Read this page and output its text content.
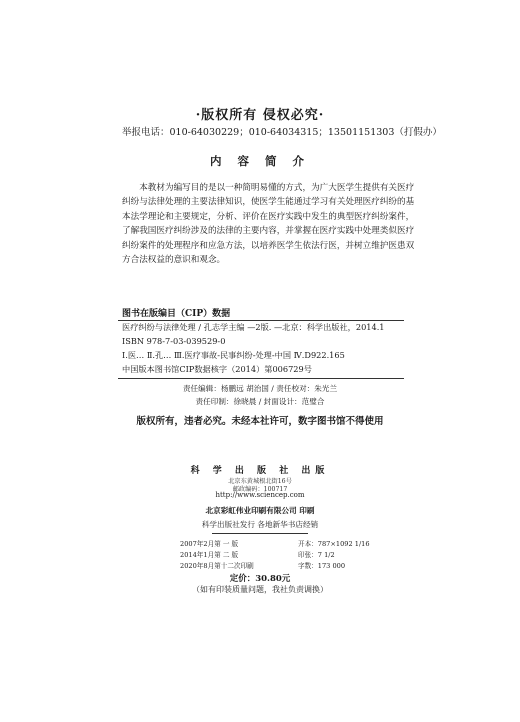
·版权所有 侵权必究·
举报电话：010-64030229；010-64034315；13501151303（打假办）
内 容 简 介
本教材为编写目的是以一种简明易懂的方式，为广大医学生提供有关医疗纠纷与法律处理的主要法律知识，使医学生能通过学习有关处理医疗纠纷的基本法学理论和主要规定，分析、评价在医疗实践中发生的典型医疗纠纷案件，了解我国医疗纠纷涉及的法律的主要内容，并掌握在医疗实践中处理类似医疗纠纷案件的处理程序和应急方法，以培养医学生依法行医，并树立维护医患双方合法权益的意识和观念。
图书在版编目（CIP）数据
医疗纠纷与法律处理 / 孔志学主编 —2版. —北京：科学出版社，2014.1
ISBN 978-7-03-039529-0
Ⅰ.医… Ⅱ.孔… Ⅲ.医疗事故-民事纠纷-处理-中国 Ⅳ.D922.165
中国版本图书馆CIP数据核字（2014）第006729号
责任编辑：杨鹏远 胡治国 / 责任校对：朱光兰
责任印制：徐晓晨 / 封面设计：范璧合
版权所有，违者必究。未经本社许可，数字图书馆不得使用
科 学 出 版 社 出版
北京东黄城根北街16号
邮政编码：100717
http://www.sciencep.com
北京彩虹伟业印刷有限公司 印刷
科学出版社发行 各地新华书店经销
2007年2月第 一 版	开本：787×1092 1/16
2014年1月第 二 版	印张：7 1/2
2020年8月第十二次印刷	字数：173 000
定价：30.80元
（如有印装质量问题，我社负责调换）
